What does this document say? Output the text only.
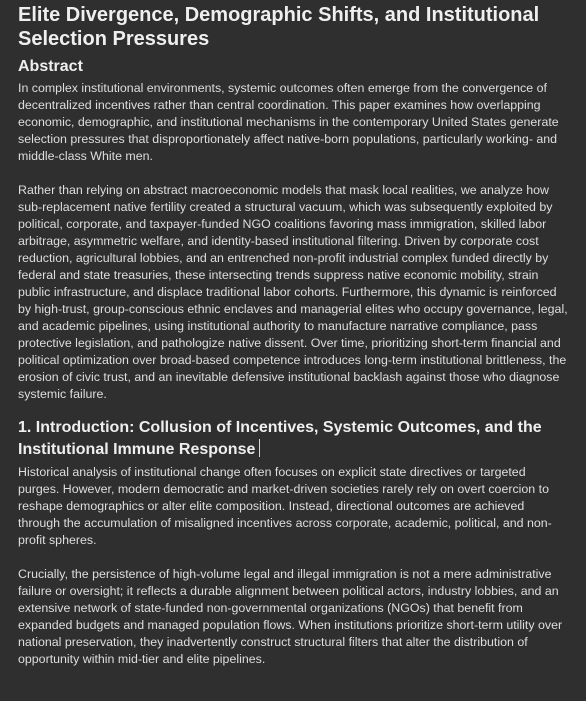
Elite Divergence, Demographic Shifts, and Institutional Selection Pressures
Abstract

In complex institutional environments, systemic outcomes often emerge from the convergence of decentralized incentives rather than central coordination. This paper examines how overlapping economic, demographic, and institutional mechanisms in the contemporary United States generate selection pressures that disproportionately affect native-born populations, particularly working- and middle-class White men.

Rather than relying on abstract macroeconomic models that mask local realities, we analyze how sub-replacement native fertility created a structural vacuum, which was subsequently exploited by political, corporate, and taxpayer-funded NGO coalitions favoring mass immigration, skilled labor arbitrage, asymmetric welfare, and identity-based institutional filtering. Driven by corporate cost reduction, agricultural lobbies, and an entrenched non-profit industrial complex funded directly by federal and state treasuries, these intersecting trends suppress native economic mobility, strain public infrastructure, and displace traditional labor cohorts. Furthermore, this dynamic is reinforced by high-trust, group-conscious ethnic enclaves and managerial elites who occupy governance, legal, and academic pipelines, using institutional authority to manufacture narrative compliance, pass protective legislation, and pathologize native dissent. Over time, prioritizing short-term financial and political optimization over broad-based competence introduces long-term institutional brittleness, the erosion of civic trust, and an inevitable defensive institutional backlash against those who diagnose systemic failure.

1. Introduction: Collusion of Incentives, Systemic Outcomes, and the Institutional Immune Response

Historical analysis of institutional change often focuses on explicit state directives or targeted purges. However, modern democratic and market-driven societies rarely rely on overt coercion to reshape demographics or alter elite composition. Instead, directional outcomes are achieved through the accumulation of misaligned incentives across corporate, academic, political, and non-profit spheres.

Crucially, the persistence of high-volume legal and illegal immigration is not a mere administrative failure or oversight; it reflects a durable alignment between political actors, industry lobbies, and an extensive network of state-funded non-governmental organizations (NGOs) that benefit from expanded budgets and managed population flows. When institutions prioritize short-term utility over national preservation, they inadvertently construct structural filters that alter the distribution of opportunity within mid-tier and elite pipelines.
